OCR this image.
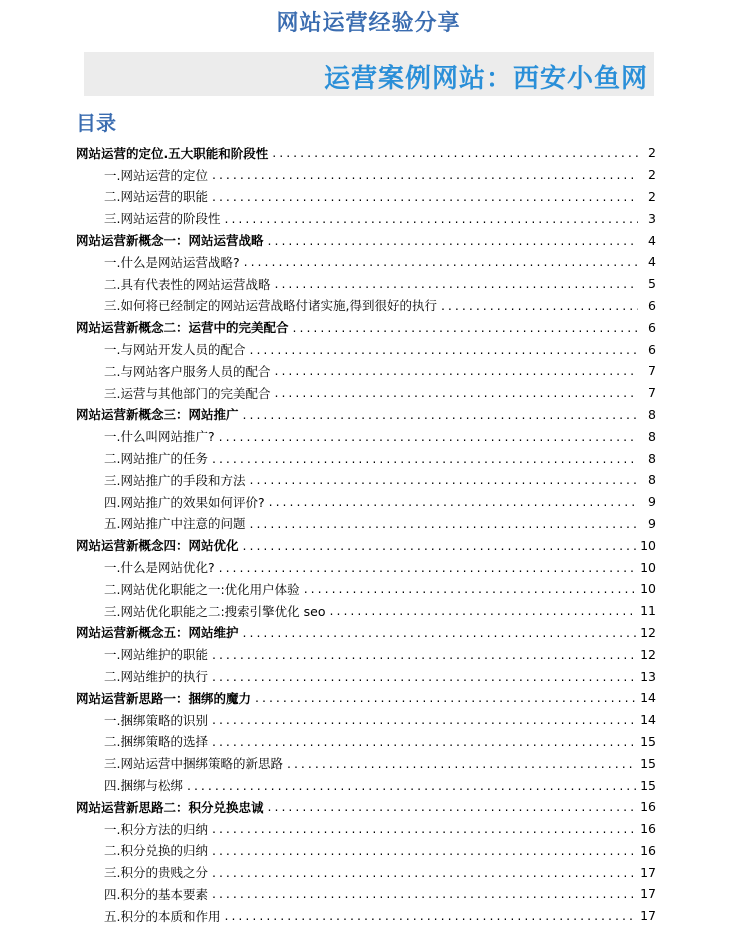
网站运营经验分享
运营案例网站：西安小鱼网
目录
网站运营的定位.五大职能和阶段性 .....	2
一.网站运营的定位 .....	2
二.网站运营的职能 .....	2
三.网站运营的阶段性 .....	3
网站运营新概念一：网站运营战略 .....	4
一.什么是网站运营战略? .....	4
二.具有代表性的网站运营战略 .....	5
三.如何将已经制定的网站运营战略付诸实施,得到很好的执行 .....	6
网站运营新概念二：运营中的完美配合 .....	6
一.与网站开发人员的配合 .....	6
二.与网站客户服务人员的配合 .....	7
三.运营与其他部门的完美配合 .....	7
网站运营新概念三：网站推广 .....	8
一.什么叫网站推广? .....	8
二.网站推广的任务 .....	8
三.网站推广的手段和方法 .....	8
四.网站推广的效果如何评价? .....	9
五.网站推广中注意的问题 .....	9
网站运营新概念四：网站优化 .....	10
一.什么是网站优化? .....	10
二.网站优化职能之一:优化用户体验 .....	10
三.网站优化职能之二:搜索引擎优化 seo .....	11
网站运营新概念五：网站维护 .....	12
一.网站维护的职能 .....	12
二.网站维护的执行 .....	13
网站运营新思路一：捆绑的魔力 .....	14
一.捆绑策略的识别 .....	14
二.捆绑策略的选择 .....	15
三.网站运营中捆绑策略的新思路 .....	15
四.捆绑与松绑 .....	15
网站运营新思路二：积分兑换忠诚 .....	16
一.积分方法的归纳 .....	16
二.积分兑换的归纳 .....	16
三.积分的贵贱之分 .....	17
四.积分的基本要素 .....	17
五.积分的本质和作用 .....	17
